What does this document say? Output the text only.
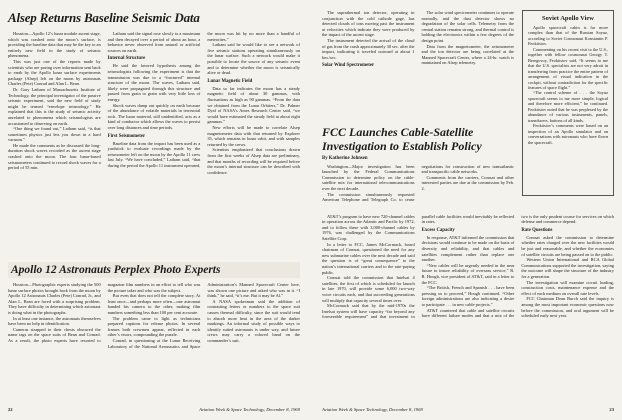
Alsep Returns Baseline Seismic Data

Houston—Apollo 12’s lunar module ascent stage, which was crashed onto the moon’s surface, is providing the baseline data that may be the key to an entirely new field in the study of seismic phenomena.

This was just one of the reports made by scientists who are poring over information sent back to earth by the Apollo lunar surface experiments package (Alsep) left on the moon by astronauts Charles (Pete) Conrad and Alan L. Bean.

Dr. Gary Latham of Massachusetts Institute of Technology, the principal investigator of the passive seismic experiment, said the new field of study might be termed “envelope seismology.” He explained that this is the study of seismic activity unrelated to phenomena which seismologists are accustomed to observing on earth.

“One thing we found out,” Latham said, “is that sometimes physics just lets you down in a hard vacuum.”

He made the comments as he discussed the long-duration shock waves recorded as the ascent stage crashed onto the moon. The four lunar-based seismometers continued to record shock waves for a period of 55 min.

Latham said the signal rose slowly to a maximum and then decayed over a period of about an hour, a behavior never observed from natural or artificial sources on earth.

Internal Structure

He said the favored hypothesis among the seismologists following the experiment is that the transmission was due to a “fractured” internal structure of the moon. The waves, Latham said, likely were propagated through this structure and passed from grain to grain with very little loss of energy.

Shock waves damp out quickly on earth because of the abundance of volatile materials in terrestrial rock. The lunar material, still unidentified, acts as a kind of conductor which allows the waves to persist over long distances and time periods.

First Seismometer

Baseline data from the impact has been used as a yardstick to evaluate recordings made by the seismometer left on the moon by the Apollo 11 crew last July. “We have concluded,” Latham said, “that during the period the Apollo 11 instrument operated, the moon was hit by no more than a handful of meteorites.”

Latham said he would like to see a network of five seismic stations operating simultaneously on the lunar surface. Such a network would make it possible to locate the source of any seismic event and to determine whether the moon is seismically alive or dead.

Lunar Magnetic Field

Data so far indicates the moon has a steady magnetic field of about 30 gammas, with fluctuations as high as 90 gammas. “From the data we obtained from the Lunar Orbiters,” Dr. Palmer Dyal of NASA’s Ames Research Center said, “we would have estimated the steady field at about eight gammas.”

New efforts will be made to correlate Alsep magnetometer data with that returned by Explorer 35, which remains in lunar orbit, and with samples returned by the crews.

Scientists emphasized that conclusions drawn from the first weeks of Alsep data are preliminary, and that months of recording will be required before the moon’s internal structure can be described with confidence.

Apollo 12 Astronauts Perplex Photo Experts

Houston—Photographic experts studying the 500 lunar surface photos brought back from the moon by Apollo 12 Astronauts Charles (Pete) Conrad, Jr., and Alan L. Bean are faced with a surprising problem. They have difficulty in determining which astronaut is doing what in the photographs.

In at least one instance, the astronauts themselves have been no help in identification.

Cameras strapped to their chests obscured the name tags on the space suits of Bean and Conrad. As a result, the photo experts have resorted to magazine film numbers in an effort to tell who was the picture taker and who was the subject.

But even that does not tell the complete story. At least once—and perhaps more often—one astronaut handed his camera to the other, making film numbers something less than 100 per cent accurate.

The problem came to light as technicians prepared captions for release photos. In several frames both crewmen appear, reflected in each other’s visors, compounding the puzzle.

Conrad, in questioning at the Lunar Receiving Laboratory of the National Aeronautics and Space Administration’s Manned Spacecraft Center here, was shown one picture and asked who was in it. “I think,” he said, “it’s me. But it may be Al.”

A NASA spokesman said the addition of contrasting letters or numbers to the space suit causes thermal difficulty, since the suit would tend to absorb more heat in the area of the darker markings. An informal study of possible ways to identify suited astronauts is under way, and future crews may carry a colored band on the commander’s suit.

22	Aviation Week & Space Technology, December 8, 1969

The suprathermal ion detector, operating in conjunction with the cold cathode gage, has detected clouds of ions moving past the instrument at velocities which indicate they were produced by the impact of the ascent stage.

The instrument detected the arrival of the cloud of gas from the crash approximately 30 sec. after the impact, indicating it traveled outward at about 1 km./sec.

Solar Wind Spectrometer

The solar wind spectrometer continues to operate normally, and the dust detector shows no degradation of the solar cells. Telemetry from the central station remains strong, and thermal control is holding the electronics within a few degrees of the design point.

Data from the magnetometer, the seismometer and the ion detector are being correlated at the Manned Spacecraft Center, where a 24-hr. watch is maintained on Alsep telemetry.

Soviet Apollo View

Apollo spacecraft cabin is far more complex than that of the Russian Soyuz, according to Soviet Cosmonaut Konstantin P. Feoktistov.

Commenting on his recent visit to the U.S., together with fellow cosmonaut Georgy T. Beregovoy, Feoktistov said, “It seems to me that the U.S. specialists are not very adroit in transferring from practice the entire pattern of arrangement of visual indication in the cockpit, without contradiction for the specific features of space flight.”

“The control scheme of . . . the Soyuz spacecraft seems to me more simple, logical and therefore more efficient,” he continued. Feoktistov noted that he was perplexed by the abundance of various instruments, panels, transducers, buttons of all kinds.

Feoktistov’s comments were based on an inspection of an Apollo simulator and on conversations with astronauts who have flown the spacecraft.

FCC Launches Cable-Satellite
Investigation to Establish Policy
By Katherine Johnsen

Washington—Major investigation has been launched by the Federal Communications Commission to determine policy on the cable-satellite mix for international telecommunications over the next decade.

The commission simultaneously requested American Telephone and Telegraph Co. to cease negotiations for construction of new transatlantic and transpacific cable networks.

Comments from the carriers, Comsat and other interested parties are due at the commission by Feb. 2.

AT&T’s program to have new 720-channel cables in operation across the Atlantic and Pacific by 1972, and to follow these with 3,000-channel cables by 1976, was challenged by the Communications Satellite Corp.

In a letter to FCC, James McCormack, board chairman of Comsat, questioned the need for any new submarine cables over the next decade and said the question is of “great consequence” to the nation’s international carriers and to the rate-paying public.

Comsat told the commission that Intelsat 4 satellites, the first of which is scheduled for launch in late 1970, will provide some 6,000 two-way voice circuits each, and that succeeding generations will multiply that capacity several times over.

McCormack said that by the mid-1970s the Intelsat system will have capacity “far beyond any foreseeable requirement” and that investment in parallel cable facilities would inevitably be reflected in rates.

Excess Capacity

In response, AT&T informed the commission that decisions would continue to be made on the basis of diversity and reliability, and that cables and satellites complement rather than replace one another.

“New cables will be urgently needed in the near future to insure reliability of overseas service,” R. R. Hough, vice president of AT&T, said in a letter to the FCC.

“The British, French and Spanish . . . have been pressing us to proceed,” Hough continued. “Other foreign administrations are also indicating a desire to participate . . . in new cable projects.”

AT&T countered that cable and satellite circuits have different failure modes and that a mix of the two is the only prudent course for services on which defense and commerce depend.

Rate Questions

Comsat asked the commission to determine whether rates charged over the new facilities would be just and reasonable, and whether the economies of satellite circuits are being passed on to the public.

Western Union International and RCA Global Communications supported the investigation, saying the outcome will shape the structure of the industry for a generation.

The investigation will examine circuit loading, construction costs, maintenance expense and the effect of each medium on overall rate levels.

FCC Chairman Dean Burch said the inquiry is among the most important economic questions now before the commission, and oral argument will be scheduled early next year.

Aviation Week & Space Technology, December 8, 1969	23
